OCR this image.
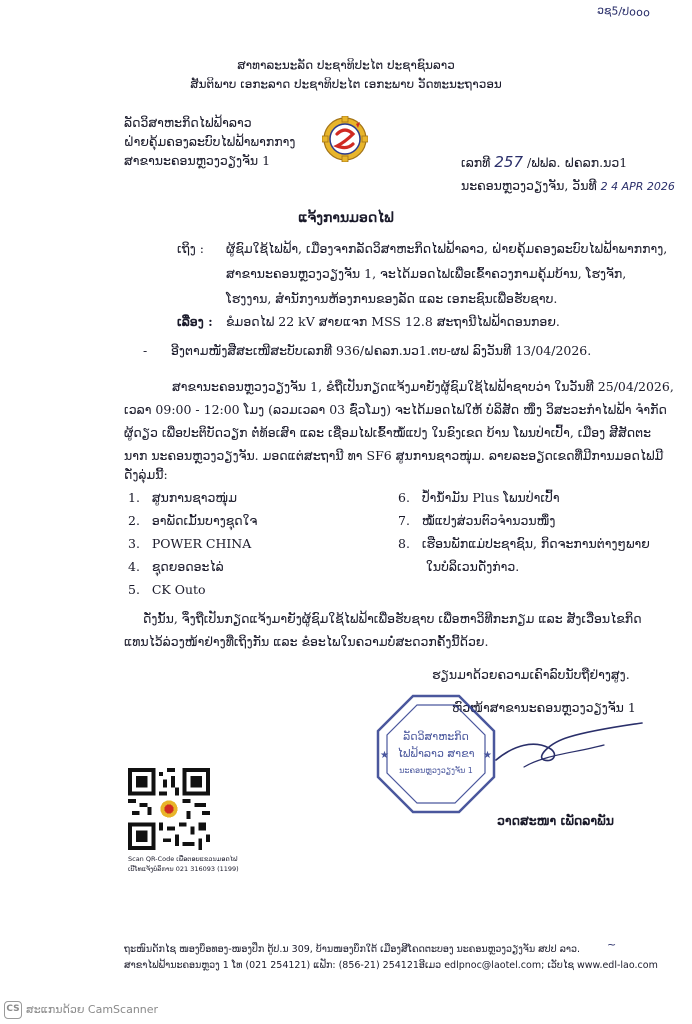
ວຊ5/ປ໐໐໐
ສາທາລະນະລັດ ປະຊາທິປະໄຕ ປະຊາຊົນລາວ
ສັນຕິພາບ ເອກະລາດ ປະຊາທິປະໄຕ ເອກະພາບ ວັດທະນະຖາວອນ
ລັດວິສາຫະກິດໄຟຟ້າລາວ
ຝ່າຍຄຸ້ມຄອງລະບົບໄຟຟ້າພາກກາງ
ສາຂານະຄອນຫຼວງວຽງຈັນ 1	ເລກທີ 257 /ຟຟລ. ຝຄລກ.ນວ1
ນະຄອນຫຼວງວຽງຈັນ, ວັນທີ 2 4 APR 2026
ແຈ້ງການມອດໄຟ
ເຖິງ : ຜູ້ຊົມໃຊ້ໄຟຟ້າ, ເມື່ອງຈາກລັດວິສາຫະກິດໄຟຟ້າລາວ, ຝ່າຍຄຸ້ມຄອງລະບົບໄຟຟ້າພາກກາງ,
ສາຂານະຄອນຫຼວງວຽງຈັນ 1, ຈະໄດ້ມອດໄຟເພື່ອເຂົ້າຄວງກາມຄຸ້ມບ້ານ, ໂຮງຈັກ,
ໂຮງງານ, ສໍານັກງານຫ້ອງການຂອງລັດ ແລະ ເອກະຊົນເພື່ອຮັບຊາບ.
ເລື່ອງ : ຂໍມອດໄຟ 22 kV ສາຍແຈກ MSS 12.8 ສະຖານີໄຟຟ້າດອນກອຍ.
- ອີງຕາມໜັງສືສະເໜີສະບັບເລກທີ 936/ຝຄລກ.ນວ1.ຕບ-ຜຟ ລົງວັນທີ 13/04/2026.
ສາຂານະຄອນຫຼວງວຽງຈັນ 1, ຂໍຖືເປັນກຽດແຈ້ງມາຍັງຜູ້ຊົມໃຊ້ໄຟຟ້າຊາບວ່າ ໃນວັນທີ 25/04/2026,
ເວລາ 09:00 - 12:00 ໂມງ (ລວມເວລາ 03 ຊົ່ວໂມງ) ຈະໄດ້ມອດໄຟໃຫ້ ບໍລິສັດ ໜຶ່ງ ວິສະວະກໍາໄຟຟ້າ ຈໍາກັດ
ຜູ້ດຽວ ເພື່ອປະຕິບັດວຽກ ຕໍ່ທ້ອເສົາ ແລະ ເຊື່ອມໄຟເຂົ້າໝໍ້ແປງ ໃນຂົງເຂດ ບ້ານ ໂພນປ່າເປົ້າ, ເມືອງ ສີສັດຕະ
ນາກ ນະຄອນຫຼວງວຽງຈັນ. ມອດແຕ່ສະຖານີ ທາ SF6 ສູນການຊາວໜຸ່ມ. ລາຍລະອຽດເຂດທີ່ມີການມອດໄຟມີ
ດັ່ງລຸ່ມນີ້:
1. ສູນການຊາວໜຸ່ມ
2. ອາພັດເມັ້ນບາງຊຸດໃຈ
3. POWER CHINA
4. ຊຸດຍອດອະໄລ່
5. CK Outo
6. ປໍ້ານໍ້າມັນ Plus ໂພນປ່າເປົ້າ
7. ໝໍ້ແປງສ່ວນຕົວຈໍານວນໜຶ່ງ
8. ເຮືອນພັກແມ່ປະຊາຊົນ, ກິດຈະການຕ່າງໆພາຍ
ໃນບໍລິເວນດັ່ງກ່າວ.
ດັ່ງນັ້ນ, ຈຶ່ງຖືເປັນກຽດແຈ້ງມາຍັງຜູ້ຊົມໃຊ້ໄຟຟ້າເພື່ອຮັບຊາບ ເພື່ອຫາວິທີກະກຽມ ແລະ ສັງເວື່ອນໄຂກິດ
ແທນໄວ້ລ່ວງໜ້າຢ່າງທີ່ເຖິງກັນ ແລະ ຂໍອະໄພໃນຄວາມບໍ່ສະດວກຄັ້ງນີ້ດ້ວຍ.
ຮຽນມາດ້ວຍຄວາມເຄົາລົບນັບຖືຢ່າງສູງ.
ຫົວໜ້າສາຂານະຄອນຫຼວງວຽງຈັນ 1
★	★
ລັດວິສາຫະກິດ
ໄຟຟ້າລາວ ສາຂາ
ນະຄອນຫຼວງວຽງຈັນ 1
ວາດສະໜາ ເພັດລາພັນ
Scan QR-Code ເພື່ອຕອບແຂວນມອດໄຟ
ເບີໂທແຈ້ງບໍລິການ 021 316093 (1199)
ຖະໜົນດັກໄຊ ໜອງບຶອທອງ-ໜອງປຶກ ຕູ້ປ.ນ 309, ບ້ານໜອງບຶກໃຕ້ ເມືອງສີໂຄດຕະບອງ ນະຄອນຫຼວງວຽງຈັນ ສປປ ລາວ.
ສາຂາໄຟຟ້ານະຄອນຫຼວງ 1 ໂທ (021 254121) ແຟັກ: (856-21) 254121ອີເມວ edlpnoc@laotel.com; ເວັບໄຊ www.edl-lao.com
~
CS ສະແກນດ້ວຍ CamScanner
